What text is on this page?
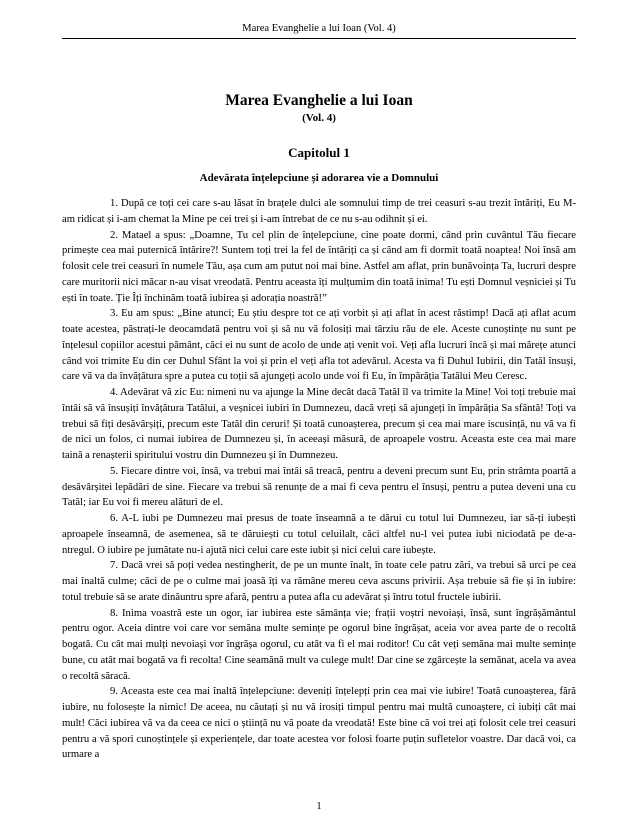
Marea Evanghelie a lui Ioan (Vol. 4)
Marea Evanghelie a lui Ioan
(Vol. 4)
Capitolul 1
Adevărata înțelepciune și adorarea vie a Domnului

1. După ce toți cei care s-au lăsat în brațele dulci ale somnului timp de trei ceasuri s-au trezit întăriți, Eu M-am ridicat și i-am chemat la Mine pe cei trei și i-am întrebat de ce nu s-au odihnit și ei.

2. Matael a spus: „Doamne, Tu cel plin de înțelepciune, cine poate dormi, când prin cuvântul Tău fiecare primește cea mai puternică întărire?! Suntem toți trei la fel de întăriți ca și când am fi dormit toată noaptea! Noi însă am folosit cele trei ceasuri în numele Tău, așa cum am putut noi mai bine. Astfel am aflat, prin bunăvoința Ta, lucruri despre care muritorii nici măcar n-au visat vreodată. Pentru aceasta îți mulțumim din toată inima! Tu ești Domnul veșniciei și Tu ești în toate. Ție Îți închinăm toată iubirea și adorația noastră!”

3. Eu am spus: „Bine atunci; Eu știu despre tot ce ați vorbit și ați aflat în acest răstimp! Dacă ați aflat acum toate acestea, păstrați-le deocamdată pentru voi și să nu vă folosiți mai târziu rău de ele. Aceste cunoștințe nu sunt pe înțelesul copiilor acestui pământ, căci ei nu sunt de acolo de unde ați venit voi. Veți afla lucruri încă și mai mărețe atunci când voi trimite Eu din cer Duhul Sfânt la voi și prin el veți afla tot adevărul. Acesta va fi Duhul Iubirii, din Tatăl însuși, care vă va da învățătura spre a putea cu toții să ajungeți acolo unde voi fi Eu, în împărăția Tatălui Meu Ceresc.

4. Adevărat vă zic Eu: nimeni nu va ajunge la Mine decât dacă Tatăl îl va trimite la Mine! Voi toți trebuie mai întâi să vă însușiți învățătura Tatălui, a veșnicei iubiri în Dumnezeu, dacă vreți să ajungeți în împărăția Sa sfântă! Toți va trebui să fiți desăvârșiți, precum este Tatăl din ceruri! Și toată cunoașterea, precum și cea mai mare iscusință, nu vă va fi de nici un folos, ci numai iubirea de Dumnezeu și, în aceeași măsură, de aproapele vostru. Aceasta este cea mai mare taină a renașterii spiritului vostru din Dumnezeu și în Dumnezeu.

5. Fiecare dintre voi, însă, va trebui mai întâi să treacă, pentru a deveni precum sunt Eu, prin strâmta poartă a desăvârșitei lepădări de sine. Fiecare va trebui să renunțe de a mai fi ceva pentru el însuși, pentru a putea deveni una cu Tatăl; iar Eu voi fi mereu alături de el.

6. A-L iubi pe Dumnezeu mai presus de toate înseamnă a te dărui cu totul lui Dumnezeu, iar să-ți iubești aproapele înseamnă, de asemenea, să te dăruiești cu totul celuilalt, căci altfel nu-l vei putea iubi niciodată pe de-a-ntregul. O iubire pe jumătate nu-i ajută nici celui care este iubit și nici celui care iubește.

7. Dacă vrei să poți vedea nestingherit, de pe un munte înalt, în toate cele patru zări, va trebui să urci pe cea mai înaltă culme; căci de pe o culme mai joasă îți va rămâne mereu ceva ascuns privirii. Așa trebuie să fie și în iubire: totul trebuie să se arate dinăuntru spre afară, pentru a putea afla cu adevărat și întru totul fructele iubirii.

8. Inima voastră este un ogor, iar iubirea este sămânța vie; frații voștri nevoiași, însă, sunt îngrășământul pentru ogor. Aceia dintre voi care vor semăna multe semințe pe ogorul bine îngrășat, aceia vor avea parte de o recoltă bogată. Cu cât mai mulți nevoiași vor îngrășa ogorul, cu atât va fi el mai roditor! Cu cât veți semăna mai multe semințe bune, cu atât mai bogată va fi recolta! Cine seamănă mult va culege mult! Dar cine se zgârcește la semănat, acela va avea o recoltă săracă.

9. Aceasta este cea mai înaltă înțelepciune: deveniți înțelepți prin cea mai vie iubire! Toată cunoașterea, fără iubire, nu folosește la nimic! De aceea, nu căutați și nu vă irosiți timpul pentru mai multă cunoaștere, ci iubiți cât mai mult! Căci iubirea vă va da ceea ce nici o știință nu vă poate da vreodată! Este bine că voi trei ați folosit cele trei ceasuri pentru a vă spori cunoștințele și experiențele, dar toate acestea vor folosi foarte puțin sufletelor voastre. Dar dacă voi, ca urmare a

1
